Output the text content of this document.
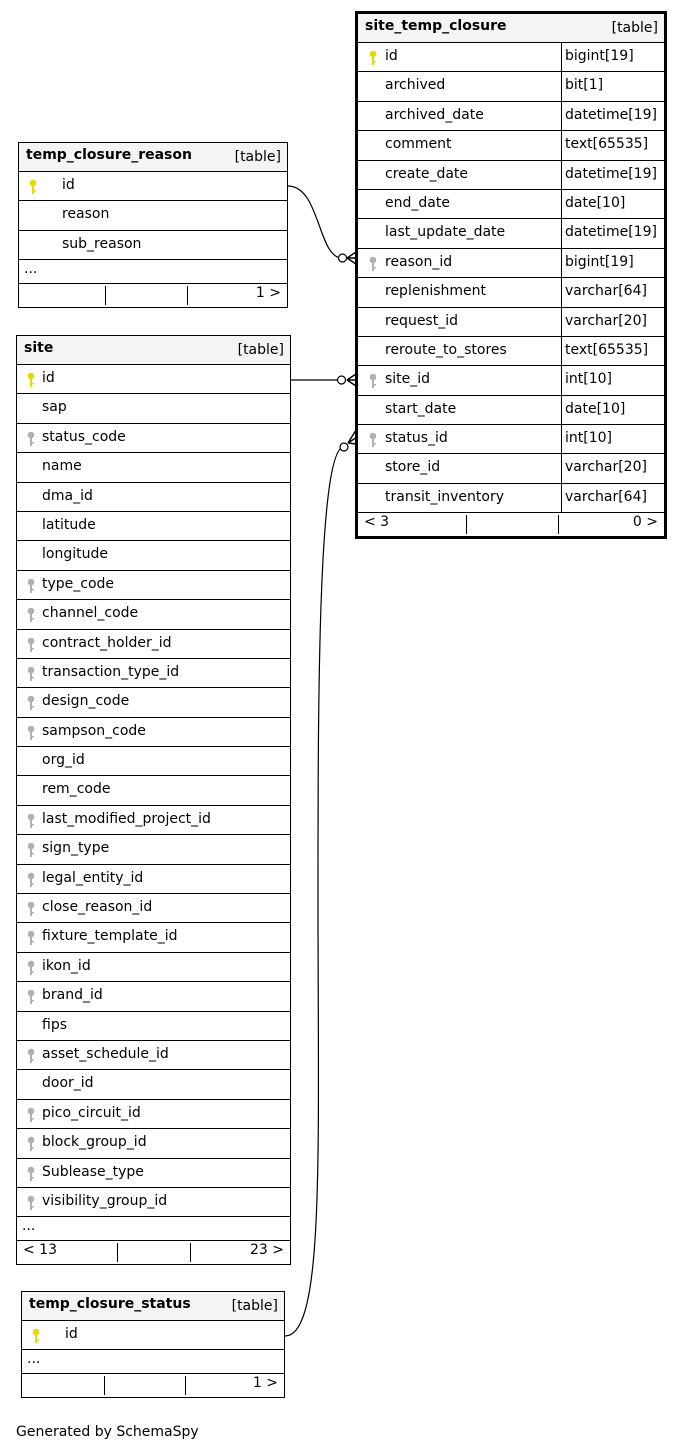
site_temp_closure	[table]
id	bigint[19]
archived	bit[1]
archived_date	datetime[19]
comment	text[65535]
create_date	datetime[19]
end_date	date[10]
last_update_date	datetime[19]
reason_id	bigint[19]
replenishment	varchar[64]
request_id	varchar[20]
reroute_to_stores	text[65535]
site_id	int[10]
start_date	date[10]
status_id	int[10]
store_id	varchar[20]
transit_inventory	varchar[64]
< 3	0 >
temp_closure_reason	[table]
id
reason
sub_reason
...
1 >
site	[table]
id
sap
status_code
name
dma_id
latitude
longitude
type_code
channel_code
contract_holder_id
transaction_type_id
design_code
sampson_code
org_id
rem_code
last_modified_project_id
sign_type
legal_entity_id
close_reason_id
fixture_template_id
ikon_id
brand_id
fips
asset_schedule_id
door_id
pico_circuit_id
block_group_id
Sublease_type
visibility_group_id
...
< 13	23 >
temp_closure_status	[table]
id
...
1 >
Generated by SchemaSpy
